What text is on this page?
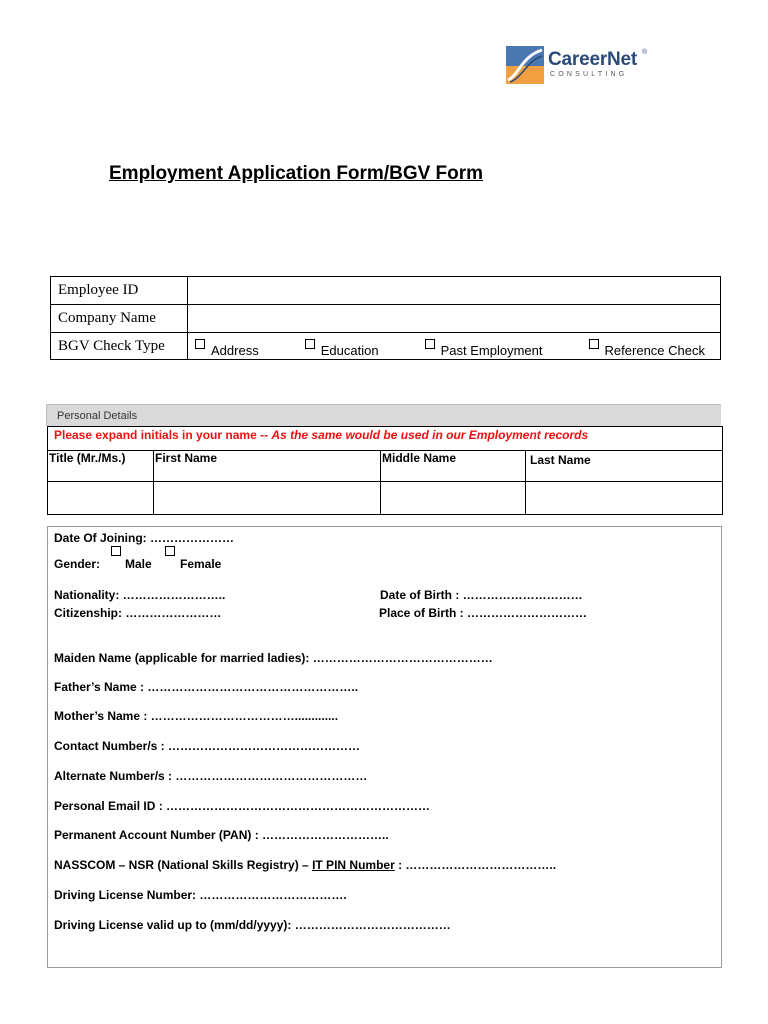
CareerNet ®
CONSULTING
Employment Application Form/BGV Form
Employee ID	
Company Name	
BGV Check Type	Address Education Past Employment Reference Check
Personal Details
Please expand initials in your name -- As the same would be used in our Employment records
Title (Mr./Ms.)	First Name	Middle Name	Last Name

Date Of Joining: …………………
Gender: Male Female
Nationality: ……………………..	Date of Birth : …………………………
Citizenship: ……………………	Place of Birth : …………………………
Maiden Name (applicable for married ladies): ………………………………………
Father’s Name : ……………………………………………..
Mother’s Name : ……………………………….............
Contact Number/s : …………………………………………
Alternate Number/s : …………………………………………
Personal Email ID : …………………………………………………………
Permanent Account Number (PAN) : …………………………..
NASSCOM – NSR (National Skills Registry) – IT PIN Number : ………………………………..
Driving License Number: ……………………………….
Driving License valid up to (mm/dd/yyyy): …………………………………
